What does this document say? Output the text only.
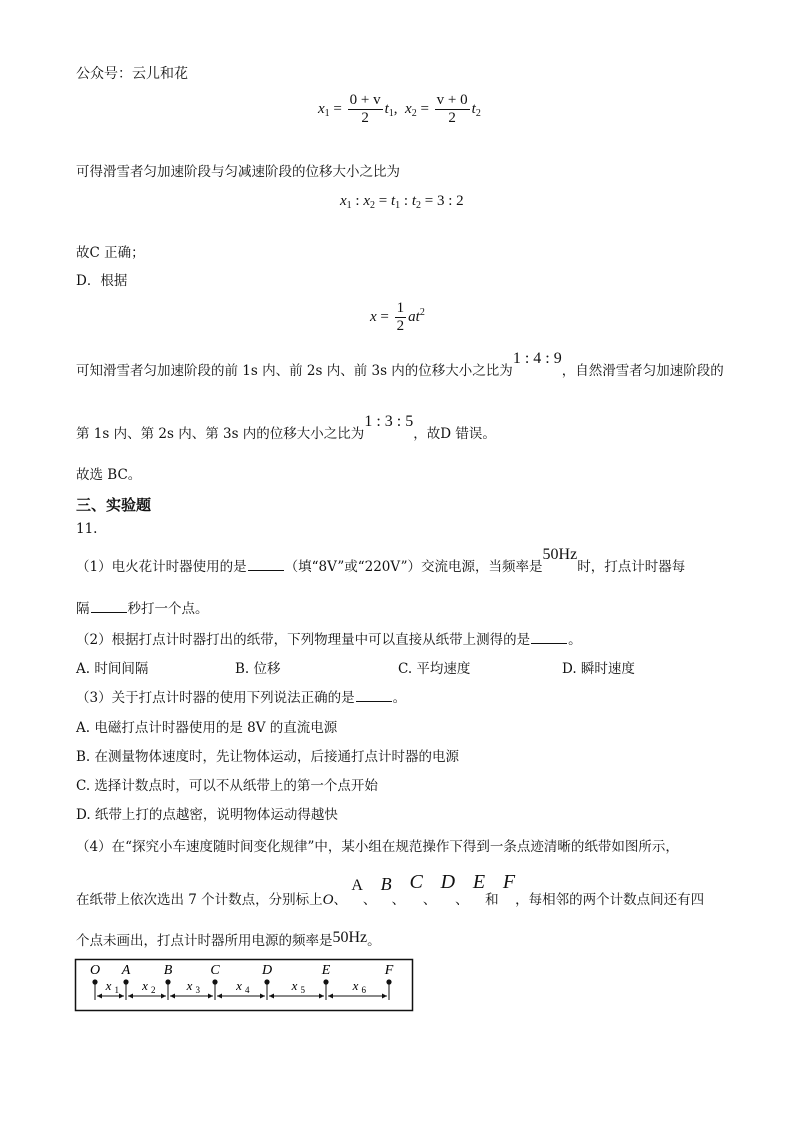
公众号：云儿和花
$x_1 = \frac{0 + v}{2} t_1$, $x_2 = \frac{v + 0}{2} t_2$
可得滑雪者匀加速阶段与匀减速阶段的位移大小之比为
$x_1$ : $x_2 = t_1$ : $t_2 = 3$ : 2
故C 正确；
D．根据
$x = \frac{1}{2} at^2$
可知滑雪者匀加速阶段的前 1s 内、前 2s 内、前 3s 内的位移大小之比为1 : 4 : 9，自然滑雪者匀加速阶段的
第 1s 内、第 2s 内、第 3s 内的位移大小之比为1 : 3 : 5，故D 错误。
故选 BC。
三、实验题
11.
（1）电火花计时器使用的是	（填“8V”或“220V”）交流电源，当频率是50Hz时，打点计时器每
隔	秒打一个点。
（2）根据打点计时器打出的纸带，下列物理量中可以直接从纸带上测得的是	。
A. 时间间隔	B. 位移	C. 平均速度	D. 瞬时速度
（3）关于打点计时器的使用下列说法正确的是	。
A. 电磁打点计时器使用的是 8V 的直流电源
B. 在测量物体速度时，先让物体运动，后接通打点计时器的电源
C. 选择计数点时，可以不从纸带上的第一个点开始
D. 纸带上打的点越密，说明物体运动得越快
（4）在“探究小车速度随时间变化规律”中，某小组在规范操作下得到一条点迹清晰的纸带如图所示，
在纸带上依次选出 7 个计数点，分别标上O、 A、 B、 C、 D、 E和 F，每相邻的两个计数点间还有四
个点未画出，打点计时器所用电源的频率是50Hz。
O A B	C	D	E	F
x 1 x 2 x 3	x 4	x 5	x 6
